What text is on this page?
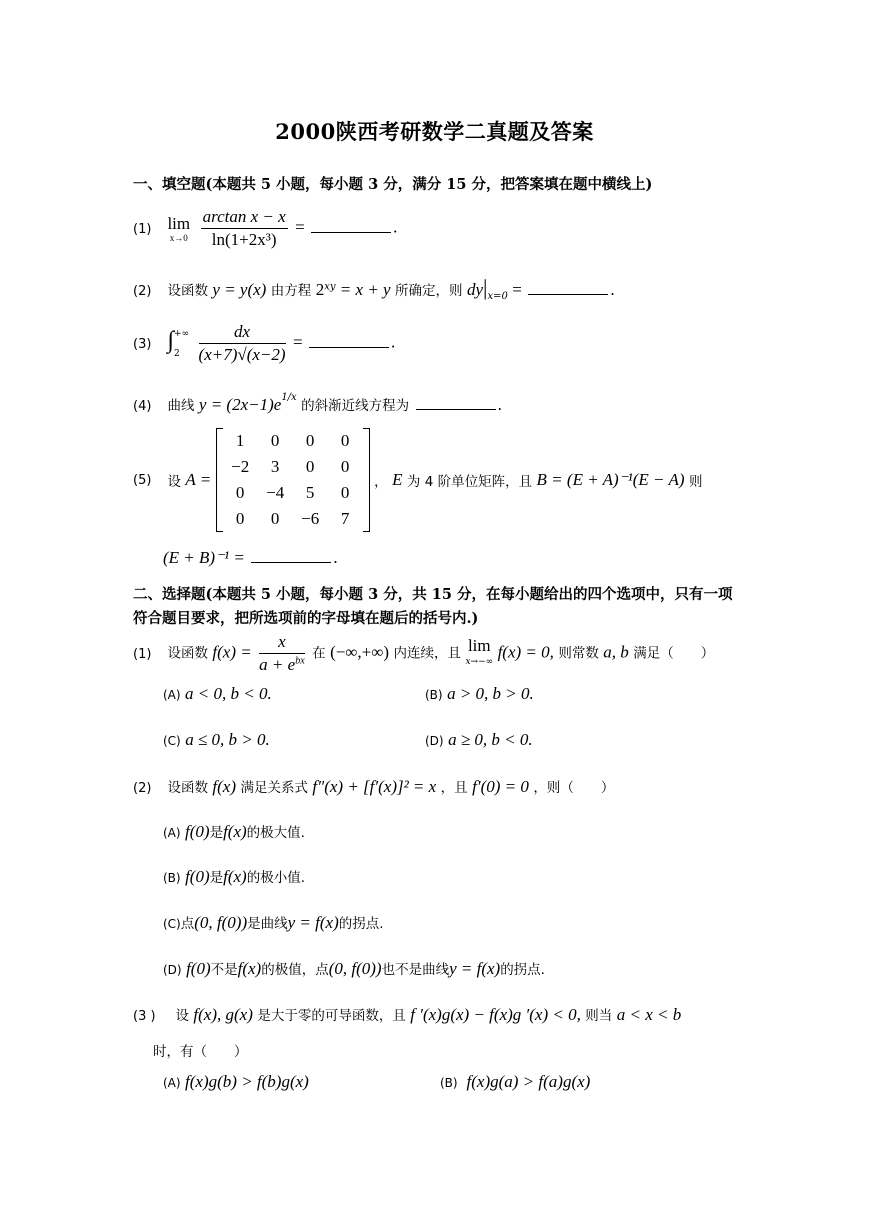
2000陕西考研数学二真题及答案
一、填空题(本题共 5 小题，每小题 3 分，满分 15 分，把答案填在题中横线上)
(1) lim
x→0
$\frac{\text{arctan x − x}}{\text{ln(1+2x³)}}$ =	.
(2) 设函数 y = y(x) 由方程 $2^{xy} = x + y$ 所确定，则 $dy|_{x=0}$ =	.
(3) ∫ +∞
2
	$\frac{dx}{(x+7)√(x-2)}$ =	.
(4) 曲线 $y = (2x-1)e^{1/x}$ 的斜渐近线方程为	.
(5) 设 A =
1	0	0	0
−2	3	0	0
0	−4	5	0
0	0	−6	7
， E 为 4 阶单位矩阵，且 B = (E + A)⁻¹(E − A) 则
(E + B)⁻¹ =	.
二、选择题(本题共 5 小题，每小题 3 分，共 15 分，在每小题给出的四个选项中，只有一项符合题目要求，把所选项前的字母填在题后的括号内.)
(1) 设函数 $f(x) = \frac{x}{a + e^{bx}}$ 在 (−∞,+∞) 内连续，且 lim
x→−∞ f(x) = 0, 则常数 a, b 满足（　　）
(A) a < 0, b < 0.	(B) a > 0, b > 0.
(C) a ≤ 0, b > 0.	(D) a ≥ 0, b < 0.
(2) 设函数 f(x) 满足关系式 f″(x) + [f′(x)]² = x ，且 f′(0) = 0 ，则（　　）
(A) f(0)是f(x)的极大值.
(B) f(0)是f(x)的极小值.
(C)点(0, f(0))是曲线y = f(x)的拐点.
(D) f(0)不是f(x)的极值，点(0, f(0))也不是曲线y = f(x)的拐点.
(3 ) 设 f(x), g(x) 是大于零的可导函数，且 f ′(x)g(x) − f(x)g ′(x) < 0, 则当 a < x < b
时，有（　　）
(A) f(x)g(b) > f(b)g(x)	(B) f(x)g(a) > f(a)g(x)
